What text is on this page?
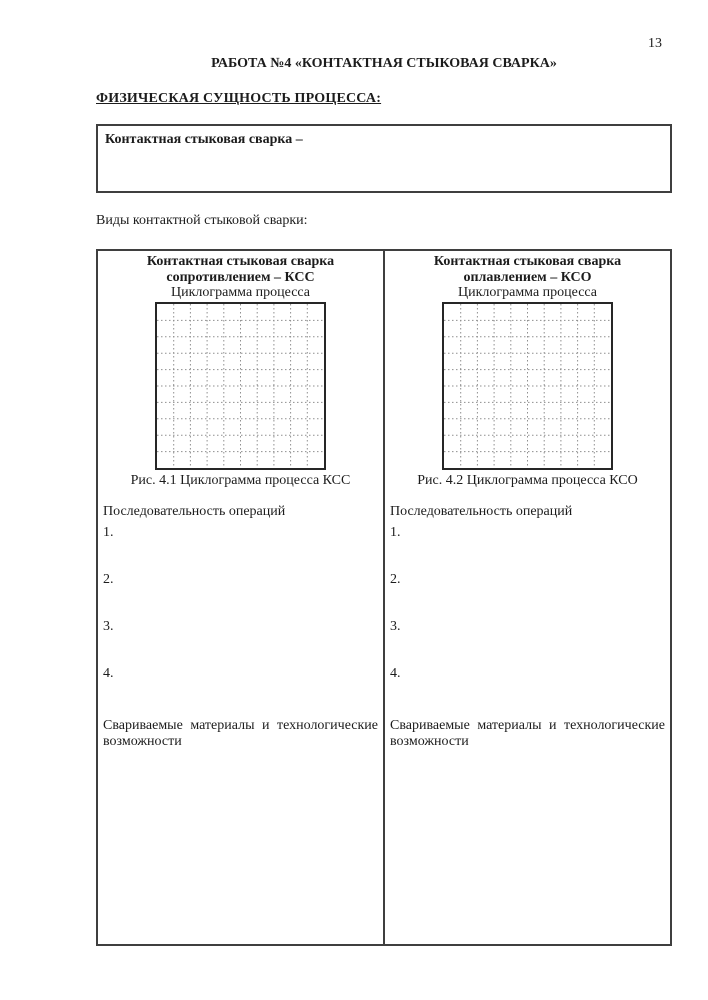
13
РАБОТА №4 «КОНТАКТНАЯ СТЫКОВАЯ СВАРКА»
ФИЗИЧЕСКАЯ СУЩНОСТЬ ПРОЦЕССА:
Контактная стыковая сварка –
Виды контактной стыковой сварки:
Контактная стыковая сварка
сопротивлением – КСС
Циклограмма процесса
Рис. 4.1 Циклограмма процесса КСС
Последовательность операций
1.
2.
3.
4.
Свариваемые материалы и технологические возможности

Контактная стыковая сварка
оплавлением – КСО
Циклограмма процесса
Рис. 4.2 Циклограмма процесса КСО
Последовательность операций
1.
2.
3.
4.
Свариваемые материалы и технологические возможности
